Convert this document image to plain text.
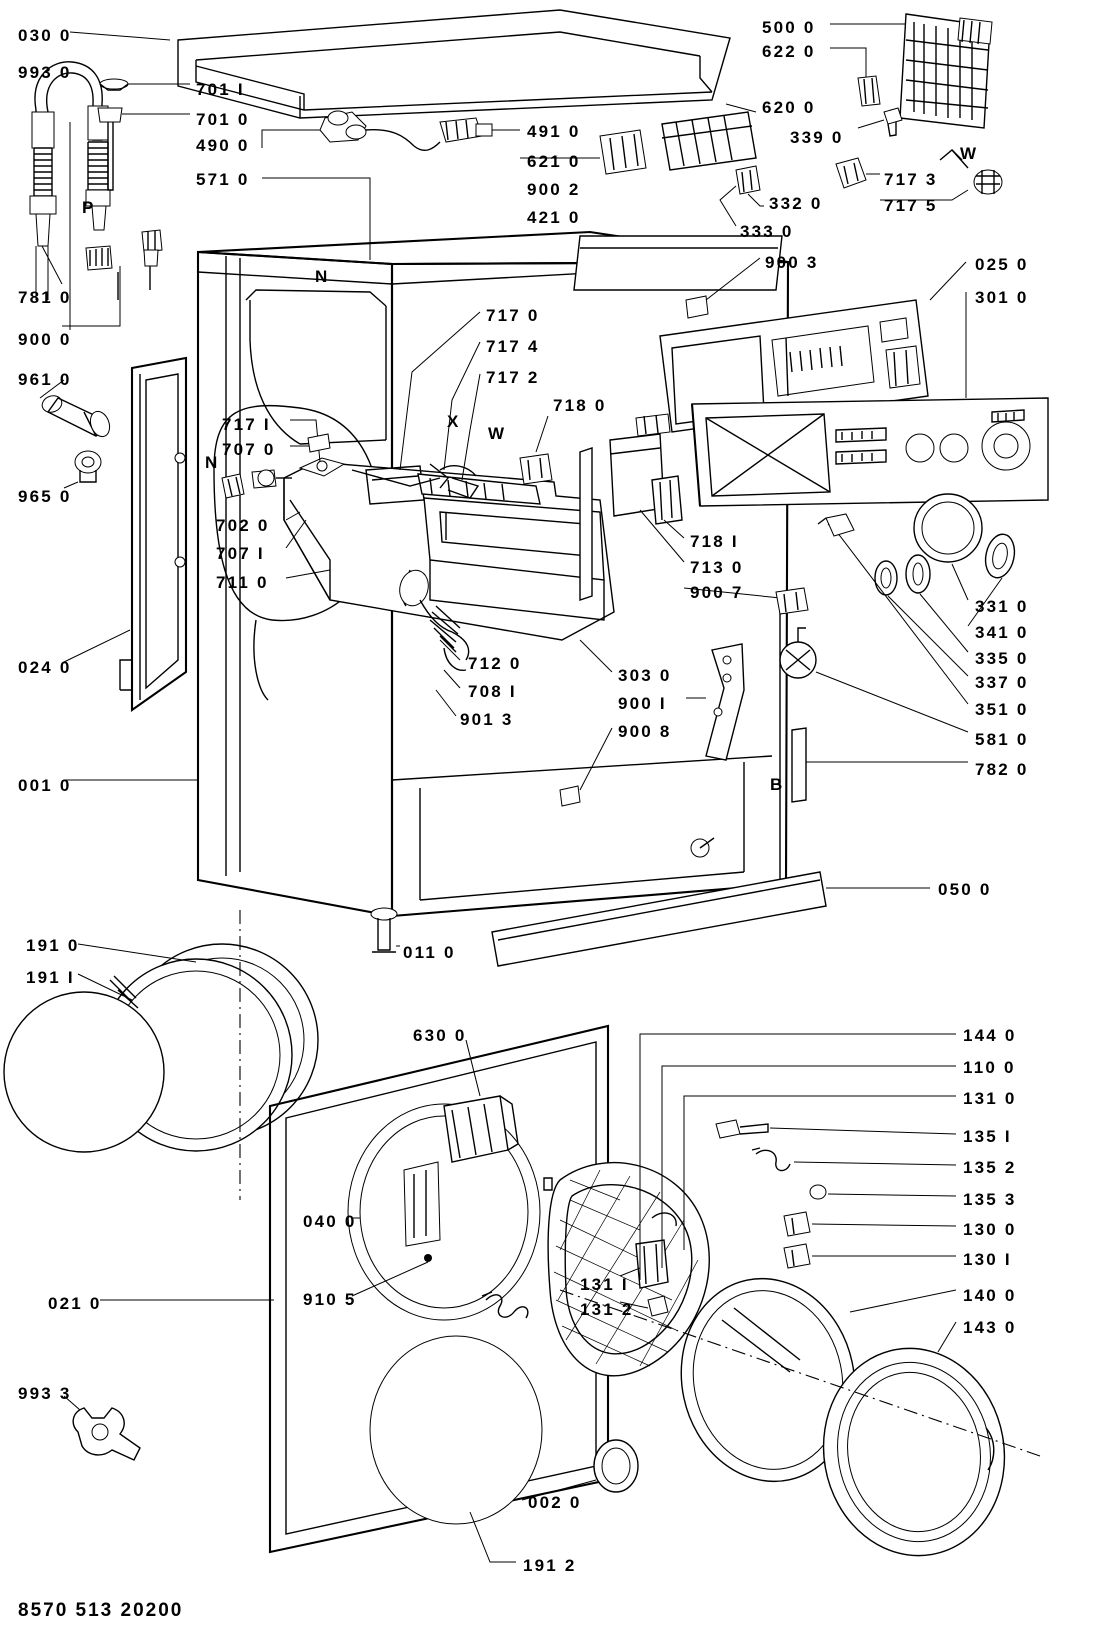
030 0
993 0
701 I
701 0
490 0
571 0
781 0
900 0
961 0
965 0
024 0
001 0
717 I
707 0
702 0
707 I
711 0
717 0
717 4
717 2
718 0
718 I
713 0
900 7
712 0
708 I
901 3
303 0
900 I
900 8
491 0
621 0
900 2
421 0
900 3
500 0
622 0
620 0
339 0
332 0
333 0
717 3
717 5
025 0
301 0
331 0
341 0
335 0
337 0
351 0
581 0
782 0
050 0
011 0
191 0
191 I
630 0
040 0
910 5
021 0
131 I
131 2
144 0
110 0
131 0
135 I
135 2
135 3
130 0
130 I
140 0
143 0
993 3
002 0
191 2
P
N
N
X
W
W
B
8570 513 20200
